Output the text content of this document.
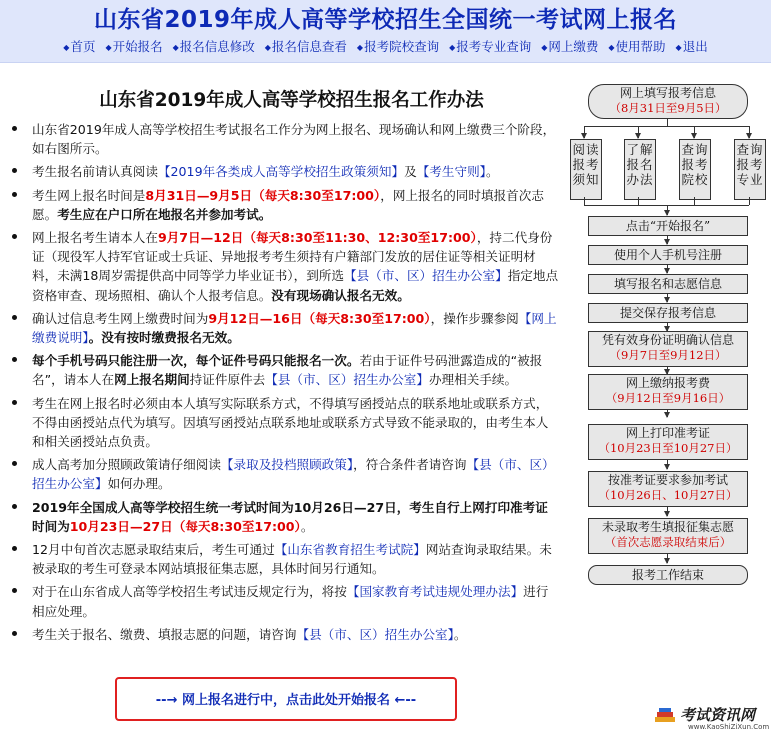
山东省2019年成人高等学校招生全国统一考试网上报名
◆首页 ◆开始报名 ◆报名信息修改 ◆报名信息查看 ◆报考院校查询 ◆报考专业查询 ◆网上缴费 ◆使用帮助 ◆退出
山东省2019年成人高等学校招生报名工作办法
山东省2019年成人高等学校招生考试报名工作分为网上报名、现场确认和网上缴费三个阶段，如右图所示。
考生报名前请认真阅读【2019年各类成人高等学校招生政策须知】及【考生守则】。
考生网上报名时间是8月31日—9月5日（每天8:30至17:00），网上报名的同时填报首次志愿。考生应在户口所在地报名并参加考试。
网上报名考生请本人在9月7日—12日（每天8:30至11:30、12:30至17:00），持二代身份证（现役军人持军官证或士兵证、异地报考考生须持有户籍部门发放的居住证等相关证明材料，未满18周岁需提供高中同等学力毕业证书），到所选【县（市、区）招生办公室】指定地点资格审查、现场照相、确认个人报考信息。没有现场确认报名无效。
确认过信息考生网上缴费时间为9月12日—16日（每天8:30至17:00），操作步骤参阅【网上缴费说明】。没有按时缴费报名无效。
每个手机号码只能注册一次，每个证件号码只能报名一次。若由于证件号码泄露造成的“被报名”，请本人在网上报名期间持证件原件去【县（市、区）招生办公室】办理相关手续。
考生在网上报名时必须由本人填写实际联系方式，不得填写函授站点的联系地址或联系方式，不得由函授站点代为填写。因填写函授站点联系地址或联系方式导致不能录取的，由考生本人和相关函授站点负责。
成人高考加分照顾政策请仔细阅读【录取及投档照顾政策】，符合条件者请咨询【县（市、区）招生办公室】如何办理。
2019年全国成人高等学校招生统一考试时间为10月26日—27日，考生自行上网打印准考证时间为10月23日—27日（每天8:30至17:00）。
12月中旬首次志愿录取结束后，考生可通过【山东省教育招生考试院】网站查询录取结果。未被录取的考生可登录本网站填报征集志愿，具体时间另行通知。
对于在山东省成人高等学校招生考试违反规定行为，将按【国家教育考试违规处理办法】进行相应处理。
考生关于报名、缴费、填报志愿的问题，请咨询【县（市、区）招生办公室】。
--→ 网上报名进行中，点击此处开始报名 ←--
网上填写报考信息
（8月31日至9月5日）
阅读报考须知
了解报名办法
查询报考院校
查询报考专业
点击“开始报名”
使用个人手机号注册
填写报名和志愿信息
提交保存报考信息
凭有效身份证明确认信息
（9月7日至9月12日）
网上缴纳报考费
（9月12日至9月16日）
网上打印准考证
（10月23日至10月27日）
按准考证要求参加考试
（10月26日、10月27日）
未录取考生填报征集志愿
（首次志愿录取结束后）
报考工作结束
考试资讯网
www.KaoShiZiXun.Com
